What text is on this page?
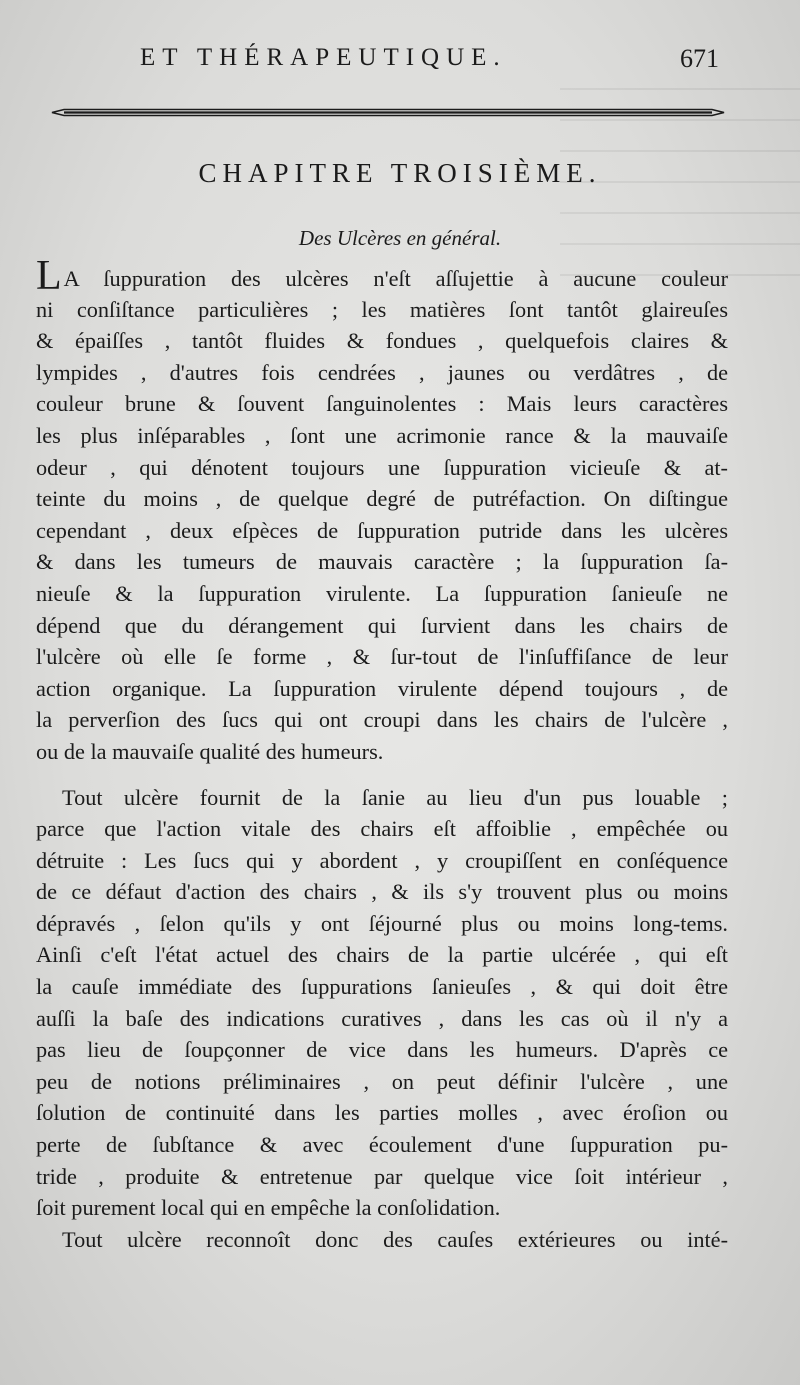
ET THÉRAPEUTIQUE.	671
CHAPITRE TROISIÈME.
Des Ulcères en général.
LA ſuppuration des ulcères n'eſt aſſujettie à aucune couleur
ni conſiſtance particulières ; les matières ſont tantôt glaireuſes
& épaiſſes , tantôt fluides & fondues , quelquefois claires &
lympides , d'autres fois cendrées , jaunes ou verdâtres , de
couleur brune & ſouvent ſanguinolentes : Mais leurs caractères
les plus inſéparables , ſont une acrimonie rance & la mauvaiſe
odeur , qui dénotent toujours une ſuppuration vicieuſe & at-
teinte du moins , de quelque degré de putréfaction. On diſtingue
cependant , deux eſpèces de ſuppuration putride dans les ulcères
& dans les tumeurs de mauvais caractère ; la ſuppuration ſa-
nieuſe & la ſuppuration virulente. La ſuppuration ſanieuſe ne
dépend que du dérangement qui ſurvient dans les chairs de
l'ulcère où elle ſe forme , & ſur-tout de l'inſuffiſance de leur
action organique. La ſuppuration virulente dépend toujours , de
la perverſion des ſucs qui ont croupi dans les chairs de l'ulcère ,
ou de la mauvaiſe qualité des humeurs.
Tout ulcère fournit de la ſanie au lieu d'un pus louable ;
parce que l'action vitale des chairs eſt affoiblie , empêchée ou
détruite : Les ſucs qui y abordent , y croupiſſent en conſéquence
de ce défaut d'action des chairs , & ils s'y trouvent plus ou moins
dépravés , ſelon qu'ils y ont ſéjourné plus ou moins long-tems.
Ainſi c'eſt l'état actuel des chairs de la partie ulcérée , qui eſt
la cauſe immédiate des ſuppurations ſanieuſes , & qui doit être
auſſi la baſe des indications curatives , dans les cas où il n'y a
pas lieu de ſoupçonner de vice dans les humeurs. D'après ce
peu de notions préliminaires , on peut définir l'ulcère , une
ſolution de continuité dans les parties molles , avec éroſion ou
perte de ſubſtance & avec écoulement d'une ſuppuration pu-
tride , produite & entretenue par quelque vice ſoit intérieur ,
ſoit purement local qui en empêche la conſolidation.
Tout ulcère reconnoît donc des cauſes extérieures ou inté-
